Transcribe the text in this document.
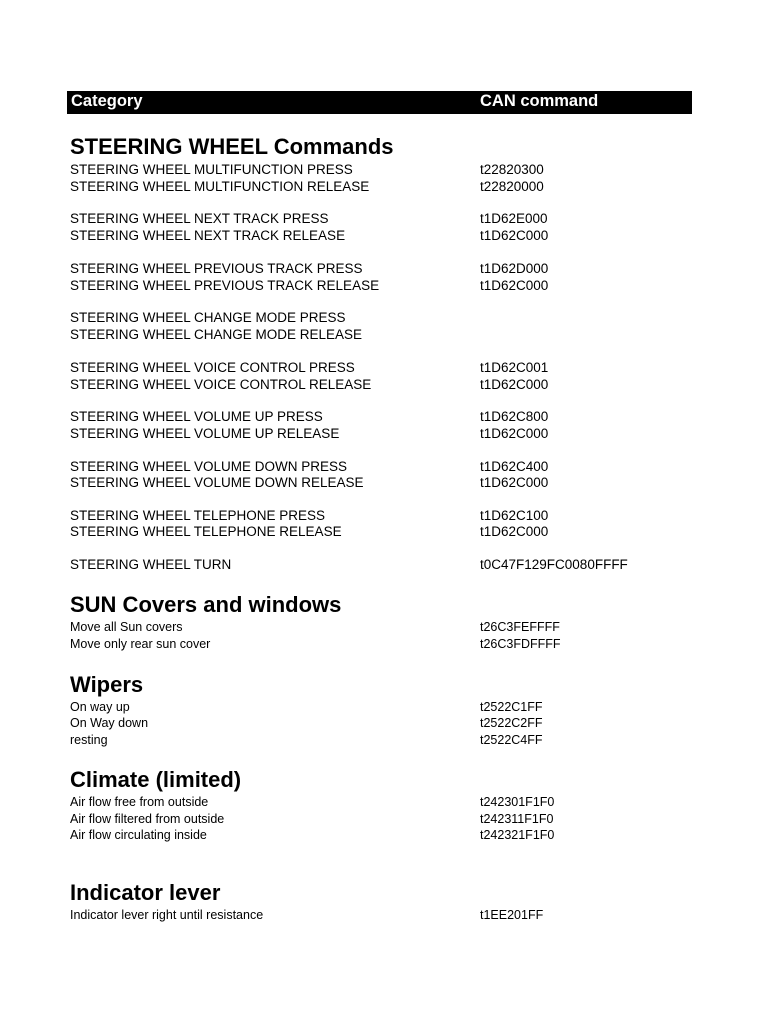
Category	CAN command
STEERING WHEEL Commands
STEERING WHEEL MULTIFUNCTION PRESS	t22820300
STEERING WHEEL MULTIFUNCTION RELEASE	t22820000
STEERING WHEEL NEXT TRACK PRESS	t1D62E000
STEERING WHEEL NEXT TRACK RELEASE	t1D62C000
STEERING WHEEL PREVIOUS TRACK PRESS	t1D62D000
STEERING WHEEL PREVIOUS TRACK RELEASE	t1D62C000
STEERING WHEEL CHANGE MODE PRESS
STEERING WHEEL CHANGE MODE RELEASE
STEERING WHEEL VOICE CONTROL PRESS	t1D62C001
STEERING WHEEL VOICE CONTROL RELEASE	t1D62C000
STEERING WHEEL VOLUME UP PRESS	t1D62C800
STEERING WHEEL VOLUME UP RELEASE	t1D62C000
STEERING WHEEL VOLUME DOWN PRESS	t1D62C400
STEERING WHEEL VOLUME DOWN RELEASE	t1D62C000
STEERING WHEEL TELEPHONE PRESS	t1D62C100
STEERING WHEEL TELEPHONE RELEASE	t1D62C000
STEERING WHEEL TURN	t0C47F129FC0080FFFF
SUN Covers and windows
Move all Sun covers	t26C3FEFFFF
Move only rear sun cover	t26C3FDFFFF
Wipers
On way up	t2522C1FF
On Way down	t2522C2FF
resting	t2522C4FF
Climate (limited)
Air flow free from outside	t242301F1F0
Air flow filtered from outside	t242311F1F0
Air flow circulating inside	t242321F1F0
Indicator lever
Indicator lever right until resistance	t1EE201FF
